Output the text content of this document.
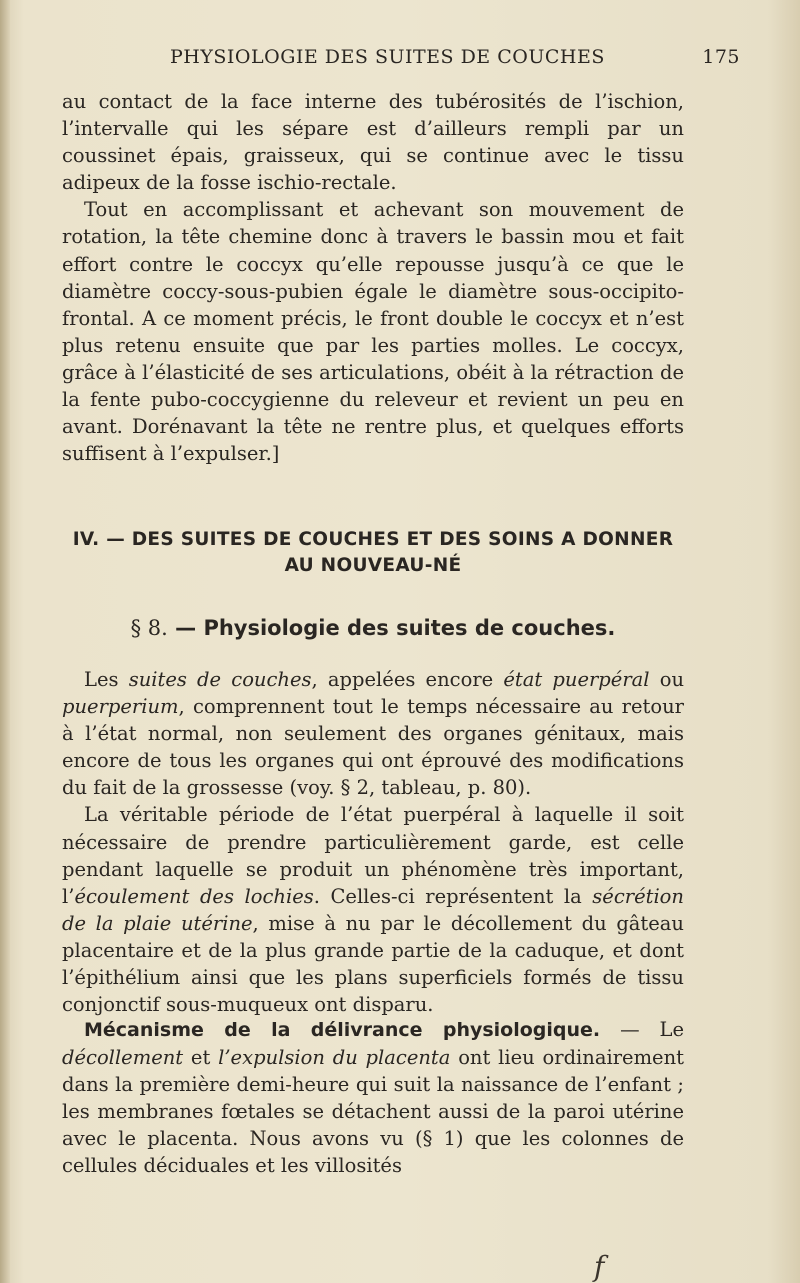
PHYSIOLOGIE DES SUITES DE COUCHES	175

au contact de la face interne des tubérosités de l’ischion, l’intervalle qui les sépare est d’ailleurs rempli par un coussinet épais, graisseux, qui se continue avec le tissu adipeux de la fosse ischio-rectale.

Tout en accomplissant et achevant son mouvement de rotation, la tête chemine donc à travers le bassin mou et fait effort contre le coccyx qu’elle repousse jusqu’à ce que le diamètre coccy-sous-pubien égale le diamètre sous-occipito-frontal. A ce moment précis, le front double le coccyx et n’est plus retenu ensuite que par les parties molles. Le coccyx, grâce à l’élasticité de ses articulations, obéit à la rétraction de la fente pubo-coccygienne du releveur et revient un peu en avant. Dorénavant la tête ne rentre plus, et quelques efforts suffisent à l’expulser.]

IV. — DES SUITES DE COUCHES ET DES SOINS A DONNER
AU NOUVEAU-NÉ
§ 8. — Physiologie des suites de couches.

Les suites de couches, appelées encore état puerpéral ou puerperium, comprennent tout le temps nécessaire au retour à l’état normal, non seulement des organes génitaux, mais encore de tous les organes qui ont éprouvé des modifications du fait de la grossesse (voy. § 2, tableau, p. 80).

La véritable période de l’état puerpéral à laquelle il soit nécessaire de prendre particulièrement garde, est celle pendant laquelle se produit un phénomène très important, l’écoulement des lochies. Celles-ci représentent la sécrétion de la plaie utérine, mise à nu par le décollement du gâteau placentaire et de la plus grande partie de la caduque, et dont l’épithélium ainsi que les plans superficiels formés de tissu conjonctif sous-muqueux ont disparu.

Mécanisme de la délivrance physiologique. — Le décollement et l’expulsion du placenta ont lieu ordinairement dans la première demi-heure qui suit la naissance de l’enfant ; les membranes fœtales se détachent aussi de la paroi utérine avec le placenta. Nous avons vu (§ 1) que les colonnes de cellules déciduales et les villosités

f
